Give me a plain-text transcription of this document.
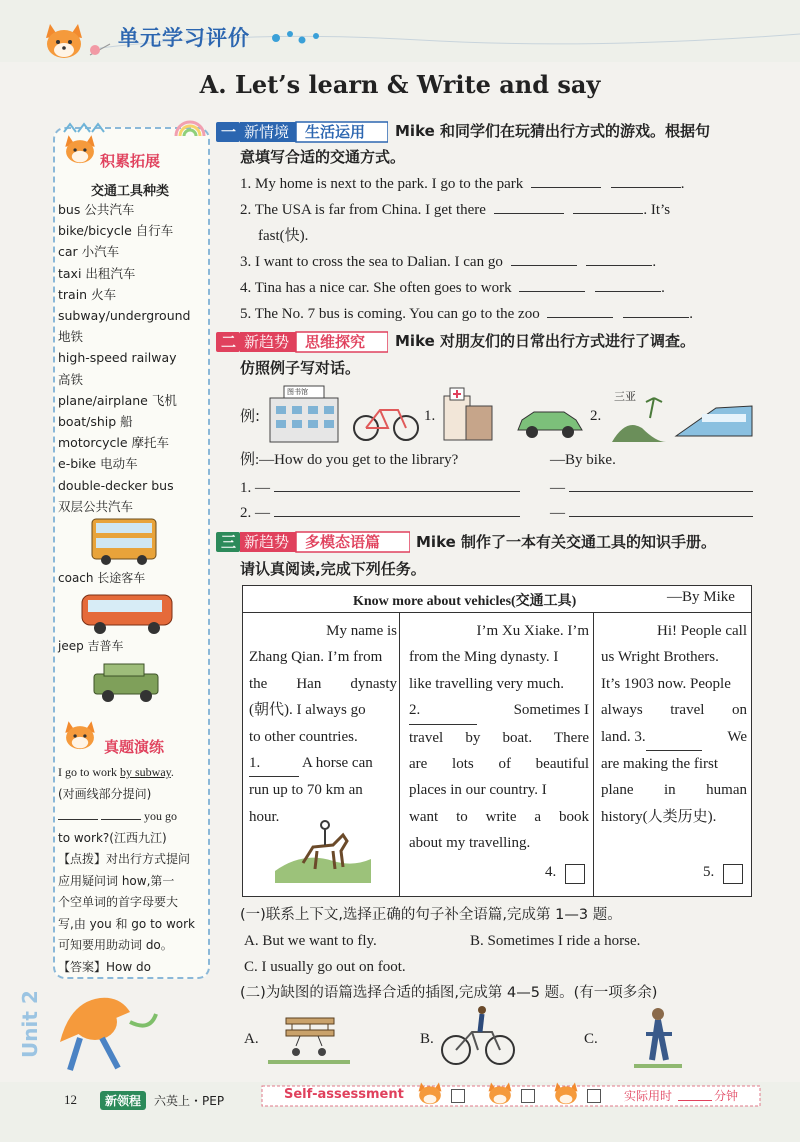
单元学习评价
A. Let’s learn & Write and say
积累拓展
交通工具种类
bus 公共汽车
bike/bicycle 自行车
car 小汽车
taxi 出租汽车
train 火车
subway/underground
地铁
high-speed railway
高铁
plane/airplane 飞机
boat/ship 船
motorcycle 摩托车
e-bike 电动车
double-decker bus
双层公共汽车
coach 长途客车
jeep 吉普车
真题演练
I go to work by subway.
(对画线部分提问)
you go
to work?(江西九江)
【点拨】对出行方式提问
应用疑问词 how,第一
个空单词的首字母要大
写,由 you 和 go to work
可知要用助动词 do。
【答案】How do
Unit 2
一 新情境 生活运用 Mike 和同学们在玩猜出行方式的游戏。根据句
意填写合适的交通方式。
1. My home is next to the park. I go to the park	.
2. The USA is far from China. I get there	. It’s
fast(快).
3. I want to cross the sea to Dalian. I can go	.
4. Tina has a nice car. She often goes to work	.
5. The No. 7 bus is coming. You can go to the zoo	.
二 新趋势 思维探究 Mike 对朋友们的日常出行方式进行了调查。
仿照例子写对话。
例:
图书馆
1.	2.
三亚
例:—How do you get to the library?	—By bike.
1. —	—
2. —	—
三 新趋势 多模态语篇 Mike 制作了一本有关交通工具的知识手册。
请认真阅读,完成下列任务。
Know more about vehicles(交通工具)	—By Mike
My name is
Zhang Qian. I’m from
the Han dynasty
(朝代). I always go
to other countries.
1.	A horse can
run up to 70 km an
hour.
I’m Xu Xiake. I’m
from the Ming dynasty. I
like travelling very much.
2.	Sometimes I
travel by boat. There
are lots of beautiful
places in our country. I
want to write a book
about my travelling.
4.
Hi! People call
us Wright Brothers.
It’s 1903 now. People
always travel on
land. 3.	We
are making the first
plane in human
history(人类历史).
5.
(一)联系上下文,选择正确的句子补全语篇,完成第 1—3 题。
A. But we want to fly.	B. Sometimes I ride a horse.
C. I usually go out on foot.
(二)为缺图的语篇选择合适的插图,完成第 4—5 题。(有一项多余)
A.	B.	C.
12	新领程	六英上・PEP	Self-assessment	实际用时	分钟
